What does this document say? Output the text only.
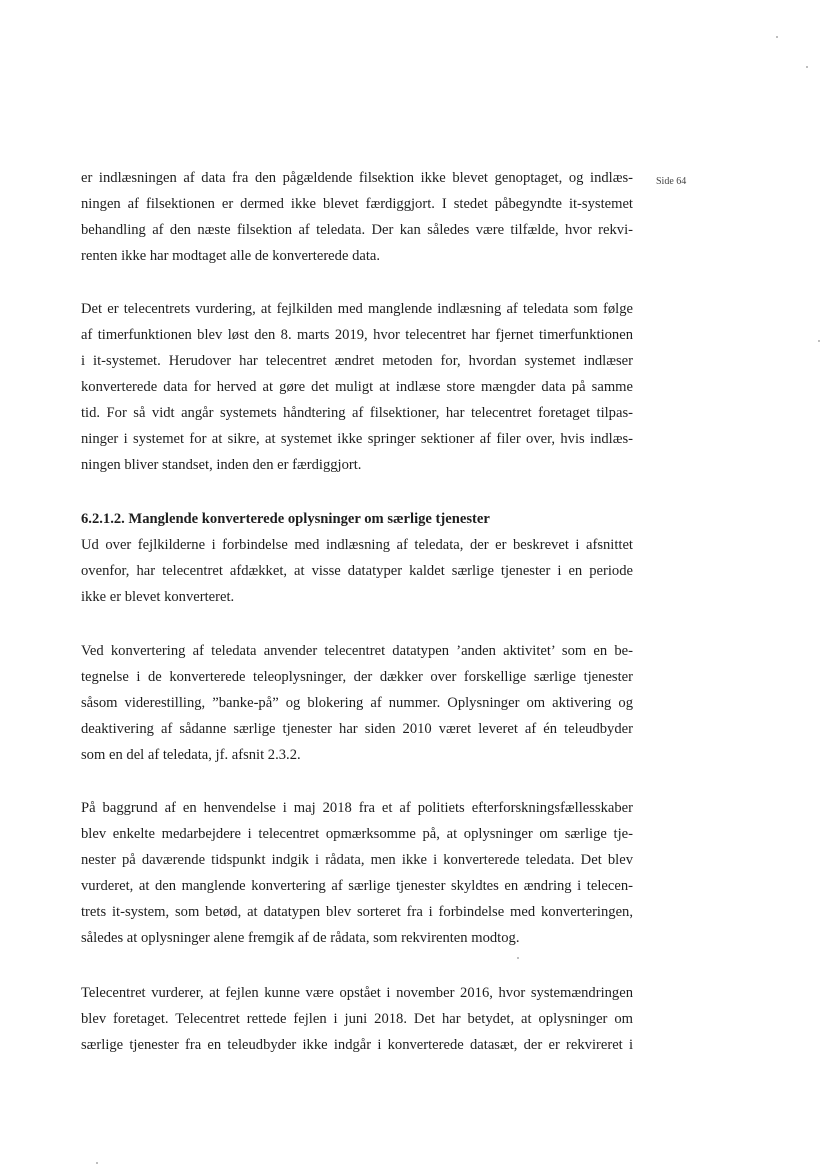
Side 64
er indlæsningen af data fra den pågældende filsektion ikke blevet genoptaget, og indlæs-
ningen af filsektionen er dermed ikke blevet færdiggjort. I stedet påbegyndte it-systemet
behandling af den næste filsektion af teledata. Der kan således være tilfælde, hvor rekvi-
renten ikke har modtaget alle de konverterede data.
Det er telecentrets vurdering, at fejlkilden med manglende indlæsning af teledata som følge
af timerfunktionen blev løst den 8. marts 2019, hvor telecentret har fjernet timerfunktionen
i it-systemet. Herudover har telecentret ændret metoden for, hvordan systemet indlæser
konverterede data for herved at gøre det muligt at indlæse store mængder data på samme
tid. For så vidt angår systemets håndtering af filsektioner, har telecentret foretaget tilpas-
ninger i systemet for at sikre, at systemet ikke springer sektioner af filer over, hvis indlæs-
ningen bliver standset, inden den er færdiggjort.
6.2.1.2. Manglende konverterede oplysninger om særlige tjenester
Ud over fejlkilderne i forbindelse med indlæsning af teledata, der er beskrevet i afsnittet
ovenfor, har telecentret afdækket, at visse datatyper kaldet særlige tjenester i en periode
ikke er blevet konverteret.
Ved konvertering af teledata anvender telecentret datatypen ’anden aktivitet’ som en be-
tegnelse i de konverterede teleoplysninger, der dækker over forskellige særlige tjenester
såsom viderestilling, ”banke-på” og blokering af nummer. Oplysninger om aktivering og
deaktivering af sådanne særlige tjenester har siden 2010 været leveret af én teleudbyder
som en del af teledata, jf. afsnit 2.3.2.
På baggrund af en henvendelse i maj 2018 fra et af politiets efterforskningsfællesskaber
blev enkelte medarbejdere i telecentret opmærksomme på, at oplysninger om særlige tje-
nester på daværende tidspunkt indgik i rådata, men ikke i konverterede teledata. Det blev
vurderet, at den manglende konvertering af særlige tjenester skyldtes en ændring i telecen-
trets it-system, som betød, at datatypen blev sorteret fra i forbindelse med konverteringen,
således at oplysninger alene fremgik af de rådata, som rekvirenten modtog.
Telecentret vurderer, at fejlen kunne være opstået i november 2016, hvor systemændringen
blev foretaget. Telecentret rettede fejlen i juni 2018. Det har betydet, at oplysninger om
særlige tjenester fra en teleudbyder ikke indgår i konverterede datasæt, der er rekvireret i
